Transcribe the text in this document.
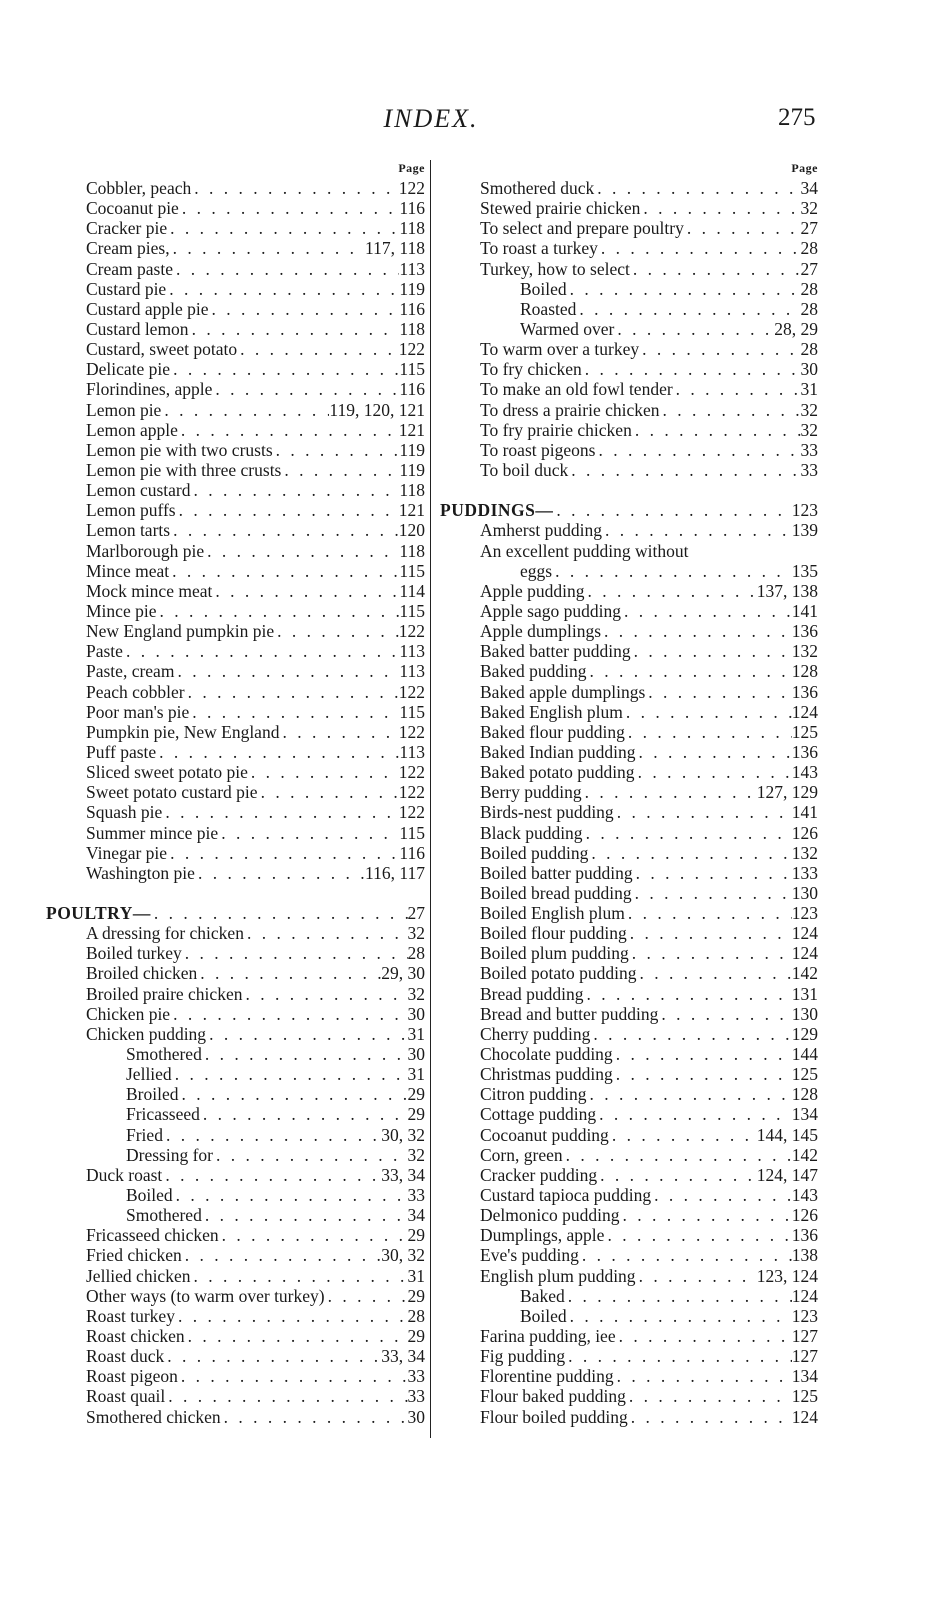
INDEX.	275
Page
Cobbler, peach . . .	122
Cocoanut pie . . .	116
Cracker pie . . .	118
Cream pies, . . .	117, 118
Cream paste . . .	113
Custard pie . . .	119
Custard apple pie . . .	116
Custard lemon . . .	118
Custard, sweet potato . . .	122
Delicate pie . . .	115
Florindines, apple . . .	116
Lemon pie . . .	119, 120, 121
Lemon apple . . .	121
Lemon pie with two crusts . . .	119
Lemon pie with three crusts . . .	119
Lemon custard . . .	118
Lemon puffs . . .	121
Lemon tarts . . .	120
Marlborough pie . . .	118
Mince meat . . .	115
Mock mince meat . . .	114
Mince pie . . .	115
New England pumpkin pie . . .	122
Paste . . .	113
Paste, cream . . .	113
Peach cobbler . . .	122
Poor man's pie . . .	115
Pumpkin pie, New England . . .	122
Puff paste . . .	113
Sliced sweet potato pie . . .	122
Sweet potato custard pie . . .	122
Squash pie . . .	122
Summer mince pie . . .	115
Vinegar pie . . .	116
Washington pie . . .	116, 117
POULTRY— . . .	27
A dressing for chicken . . .	32
Boiled turkey . . .	28
Broiled chicken . . .	29, 30
Broiled praire chicken . . .	32
Chicken pie . . .	30
Chicken pudding . . .	31
Smothered . . .	30
Jellied . . .	31
Broiled . . .	29
Fricasseed . . .	29
Fried . . .	30, 32
Dressing for . . .	32
Duck roast . . .	33, 34
Boiled . . .	33
Smothered . . .	34
Fricasseed chicken . . .	29
Fried chicken . . .	30, 32
Jellied chicken . . .	31
Other ways (to warm over turkey) . . .	29
Roast turkey . . .	28
Roast chicken . . .	29
Roast duck . . .	33, 34
Roast pigeon . . .	33
Roast quail . . .	33
Smothered chicken . . .	30
Page
Smothered duck . . .	34
Stewed prairie chicken . . .	32
To select and prepare poultry . . .	27
To roast a turkey . . .	28
Turkey, how to select . . .	27
Boiled . . .	28
Roasted . . .	28
Warmed over . . .	28, 29
To warm over a turkey . . .	28
To fry chicken . . .	30
To make an old fowl tender . . .	31
To dress a prairie chicken . . .	32
To fry prairie chicken . . .	32
To roast pigeons . . .	33
To boil duck . . .	33
PUDDINGS— . . .	123
Amherst pudding . . .	139
An excellent pudding without
eggs . . .	135
Apple pudding . . .	137, 138
Apple sago pudding . . .	141
Apple dumplings . . .	136
Baked batter pudding . . .	132
Baked pudding . . .	128
Baked apple dumplings . . .	136
Baked English plum . . .	124
Baked flour pudding . . .	125
Baked Indian pudding . . .	136
Baked potato pudding . . .	143
Berry pudding . . .	127, 129
Birds-nest pudding . . .	141
Black pudding . . .	126
Boiled pudding . . .	132
Boiled batter pudding . . .	133
Boiled bread pudding . . .	130
Boiled English plum . . .	123
Boiled flour pudding . . .	124
Boiled plum pudding . . .	124
Boiled potato pudding . . .	142
Bread pudding . . .	131
Bread and butter pudding . . .	130
Cherry pudding . . .	129
Chocolate pudding . . .	144
Christmas pudding . . .	125
Citron pudding . . .	128
Cottage pudding . . .	134
Cocoanut pudding . . .	144, 145
Corn, green . . .	142
Cracker pudding . . .	124, 147
Custard tapioca pudding . . .	143
Delmonico pudding . . .	126
Dumplings, apple . . .	136
Eve's pudding . . .	138
English plum pudding . . .	123, 124
Baked . . .	124
Boiled . . .	123
Farina pudding, iee . . .	127
Fig pudding . . .	127
Florentine pudding . . .	134
Flour baked pudding . . .	125
Flour boiled pudding . . .	124
